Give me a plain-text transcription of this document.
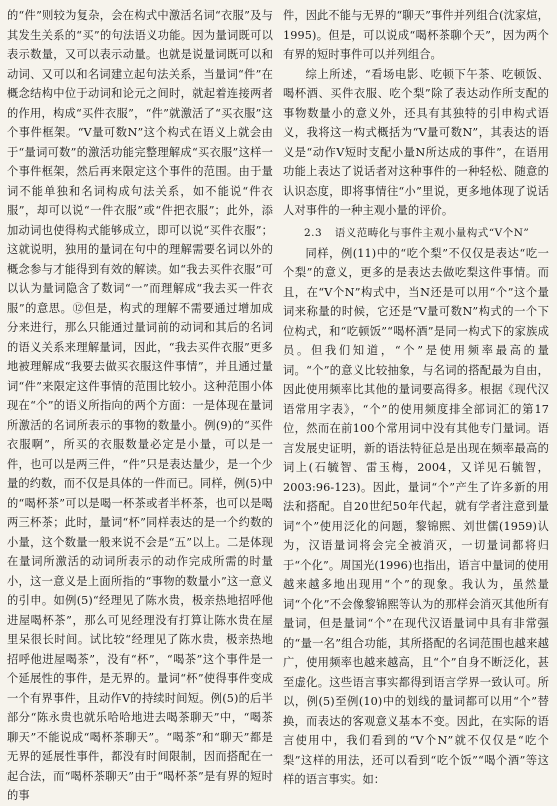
的“件”则较为复杂，会在构式中激活名词“衣服”及与其发生关系的“买”的句法语义功能。因为量词既可以表示数量，又可以表示动量。也就是说量词既可以和动词、又可以和名词建立起句法关系，当量词“件”在概念结构中位于动词和论元之间时，就起着连接两者的作用，构成“买件衣服”，“件”就激活了“买衣服”这个事件框架。“V量可数N”这个构式在语义上就会由于“量词可数”的激活功能完整理解成“买衣服”这样一个事件框架，然后再来限定这个事件的范围。由于量词不能单独和名词构成句法关系，如不能说“件衣服”，却可以说“一件衣服”或“件把衣服”；此外，添加动词也使得构式能够成立，即可以说“买件衣服”；这就说明，独用的量词在句中的理解需要名词以外的概念参与才能得到有效的解读。如“我去买件衣服”可以认为量词隐含了数词“一”而理解成“我去买一件衣服”的意思。⑫但是，构式的理解不需要通过增加成分来进行，那么只能通过量词前的动词和其后的名词的语义关系来理解量词，因此，“我去买件衣服”更多地被理解成“我要去做买衣服这件事情”，并且通过量词“件”来限定这件事情的范围比较小。这种范围小体现在“个”的语义所指向的两个方面：一是体现在量词所激活的名词所表示的事物的数量小。例(9)的“买件衣服啊”，所买的衣服数量必定是小量，可以是一件，也可以是两三件，“件”只是表达量少，是一个少量的约数，而不仅是具体的一件而已。同样，例(5)中的“喝杯茶”可以是喝一杯茶或者半杯茶，也可以是喝两三杯茶；此时，量词“杯”同样表达的是一个约数的小量，这个数量一般来说不会是“五”以上。二是体现在量词所激活的动词所表示的动作完成所需的时量小，这一意义是上面所指的“事物的数量小”这一意义的引申。如例(5)“经理见了陈水贵，极亲热地招呼他进屋喝杯茶”，那么可见经理没有打算让陈水贵在屋里呆很长时间。试比较“经理见了陈水贵，极亲热地招呼他进屋喝茶”，没有“杯”，“喝茶”这个事件是一个延展性的事件，是无界的。量词“杯”使得事件变成一个有界事件，且动作V的持续时间短。例(5)的后半部分“陈永贵也就乐哈哈地进去喝茶聊天”中，“喝茶聊天”不能说成“喝杯茶聊天”。“喝茶”和“聊天”都是无界的延展性事件，都没有时间限制，因而搭配在一起合法，而“喝杯茶聊天”由于“喝杯茶”是有界的短时的事

件，因此不能与无界的“聊天”事件并列组合(沈家煊，1995)。但是，可以说成“喝杯茶聊个天”，因为两个有界的短时事件可以并列组合。

综上所述，“看场电影、吃顿下午茶、吃顿饭、喝杯酒、买件衣服、吃个梨”除了表达动作所支配的事物数量小的意义外，还具有其独特的引申构式语义，我将这一构式概括为“V量可数N”，其表达的语义是“动作V短时支配小量N所达成的事件”，在语用功能上表达了说话者对这种事件的一种轻松、随意的认识态度，即将事情往“小”里说，更多地体现了说话人对事件的一种主观小量的评价。

2.3 语义范畴化与事件主观小量构式“V个N”

同样，例(11)中的“吃个梨”不仅仅是表达“吃一个梨”的意义，更多的是表达去做吃梨这件事情。而且，在“V个N”构式中，当N还是可以用“个”这个量词来称量的时候，它还是“V量可数N”构式的一个下位构式，和“吃顿饭”“喝杯酒”是同一构式下的家族成员。但我们知道，“个”是使用频率最高的量词。“个”的意义比较抽象，与名词的搭配最为自由，因此使用频率比其他的量词要高得多。根据《现代汉语常用字表》，“个”的使用频度排全部词汇的第17位，然而在前100个常用词中没有其他专门量词。语言发展史证明，新的语法特征总是出现在频率最高的词上(石毓智、雷玉梅，2004，又详见石毓智，2003:96-123)。因此，量词“个”产生了许多新的用法和搭配。自20世纪50年代起，就有学者注意到量词“个”使用泛化的问题，黎锦熙、刘世儒(1959)认为，汉语量词将会完全被消灭，一切量词都将归于“个化”。周国光(1996)也指出，语言中量词的使用越来越多地出现用“个”的现象。我认为，虽然量词“个化”不会像黎锦熙等认为的那样会消灭其他所有量词，但是量词“个”在现代汉语量词中具有非常强的“量一名”组合功能，其所搭配的名词范围也越来越广，使用频率也越来越高，且“个”自身不断泛化，甚至虚化。这些语言事实都得到语言学界一致认可。所以，例(5)至例(10)中的划线的量词都可以用“个”替换，而表达的客观意义基本不变。因此，在实际的语言使用中，我们看到的“V个N”就不仅仅是“吃个梨”这样的用法，还可以看到“吃个饭”“喝个酒”等这样的语言事实。如：
